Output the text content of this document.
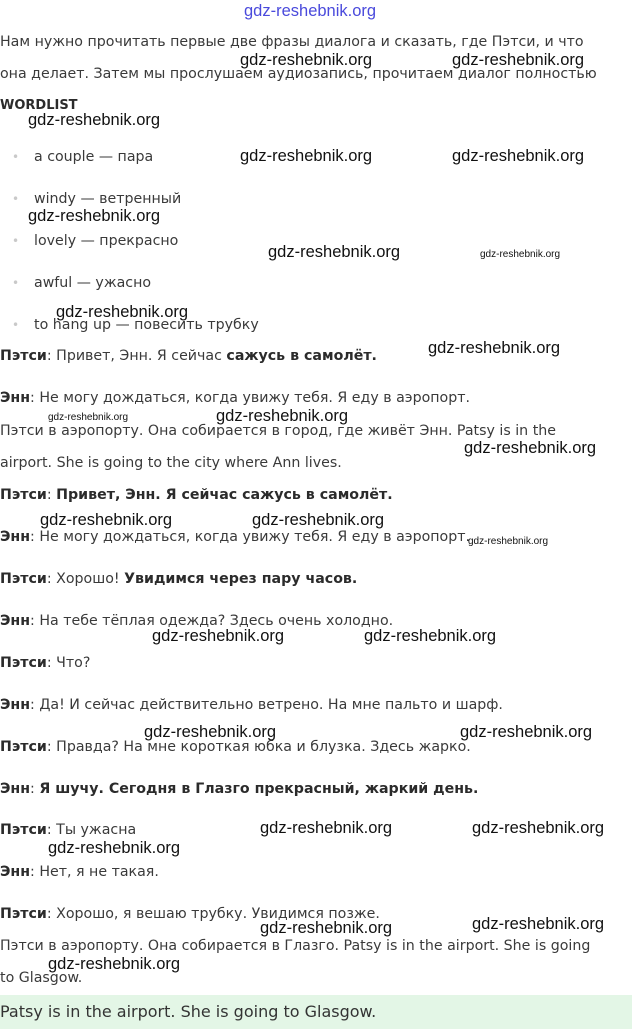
Нам нужно прочитать первые две фразы диалога и сказать, где Пэтси, и что

она делает. Затем мы прослушаем аудиозапись, прочитаем диалог полностью

WORDLIST

• a couple — пара

• windy — ветренный

• lovely — прекрасно

• awful — ужасно

• to hang up — повесить трубку

Пэтси: Привет, Энн. Я сейчас сажусь в самолёт.

Энн: Не могу дождаться, когда увижу тебя. Я еду в аэропорт.

Пэтси в аэропорту. Она собирается в город, где живёт Энн. Patsy is in the

airport. She is going to the city where Ann lives.

Пэтси: Привет, Энн. Я сейчас сажусь в самолёт.

Энн: Не могу дождаться, когда увижу тебя. Я еду в аэропорт.

Пэтси: Хорошо! Увидимся через пару часов.

Энн: На тебе тёплая одежда? Здесь очень холодно.

Пэтси: Что?

Энн: Да! И сейчас действительно ветрено. На мне пальто и шарф.

Пэтси: Правда? На мне короткая юбка и блузка. Здесь жарко.

Энн: Я шучу. Сегодня в Глазго прекрасный, жаркий день.

Пэтси: Ты ужасна

Энн: Нет, я не такая.

Пэтси: Хорошо, я вешаю трубку. Увидимся позже.

Пэтси в аэропорту. Она собирается в Глазго. Patsy is in the airport. She is going

to Glasgow.

Patsy is in the airport. She is going to Glasgow.
gdz-reshebnik.org
gdz-reshebnik.org	gdz-reshebnik.org
gdz-reshebnik.org
gdz-reshebnik.org	gdz-reshebnik.org
gdz-reshebnik.org
gdz-reshebnik.org	gdz-reshebnik.org
gdz-reshebnik.org
gdz-reshebnik.org
gdz-reshebnik.org	gdz-reshebnik.org
gdz-reshebnik.org
gdz-reshebnik.org	gdz-reshebnik.org
gdz-reshebnik.org
gdz-reshebnik.org	gdz-reshebnik.org
gdz-reshebnik.org	gdz-reshebnik.org
gdz-reshebnik.org	gdz-reshebnik.org
gdz-reshebnik.org
gdz-reshebnik.org
gdz-reshebnik.org
gdz-reshebnik.org
